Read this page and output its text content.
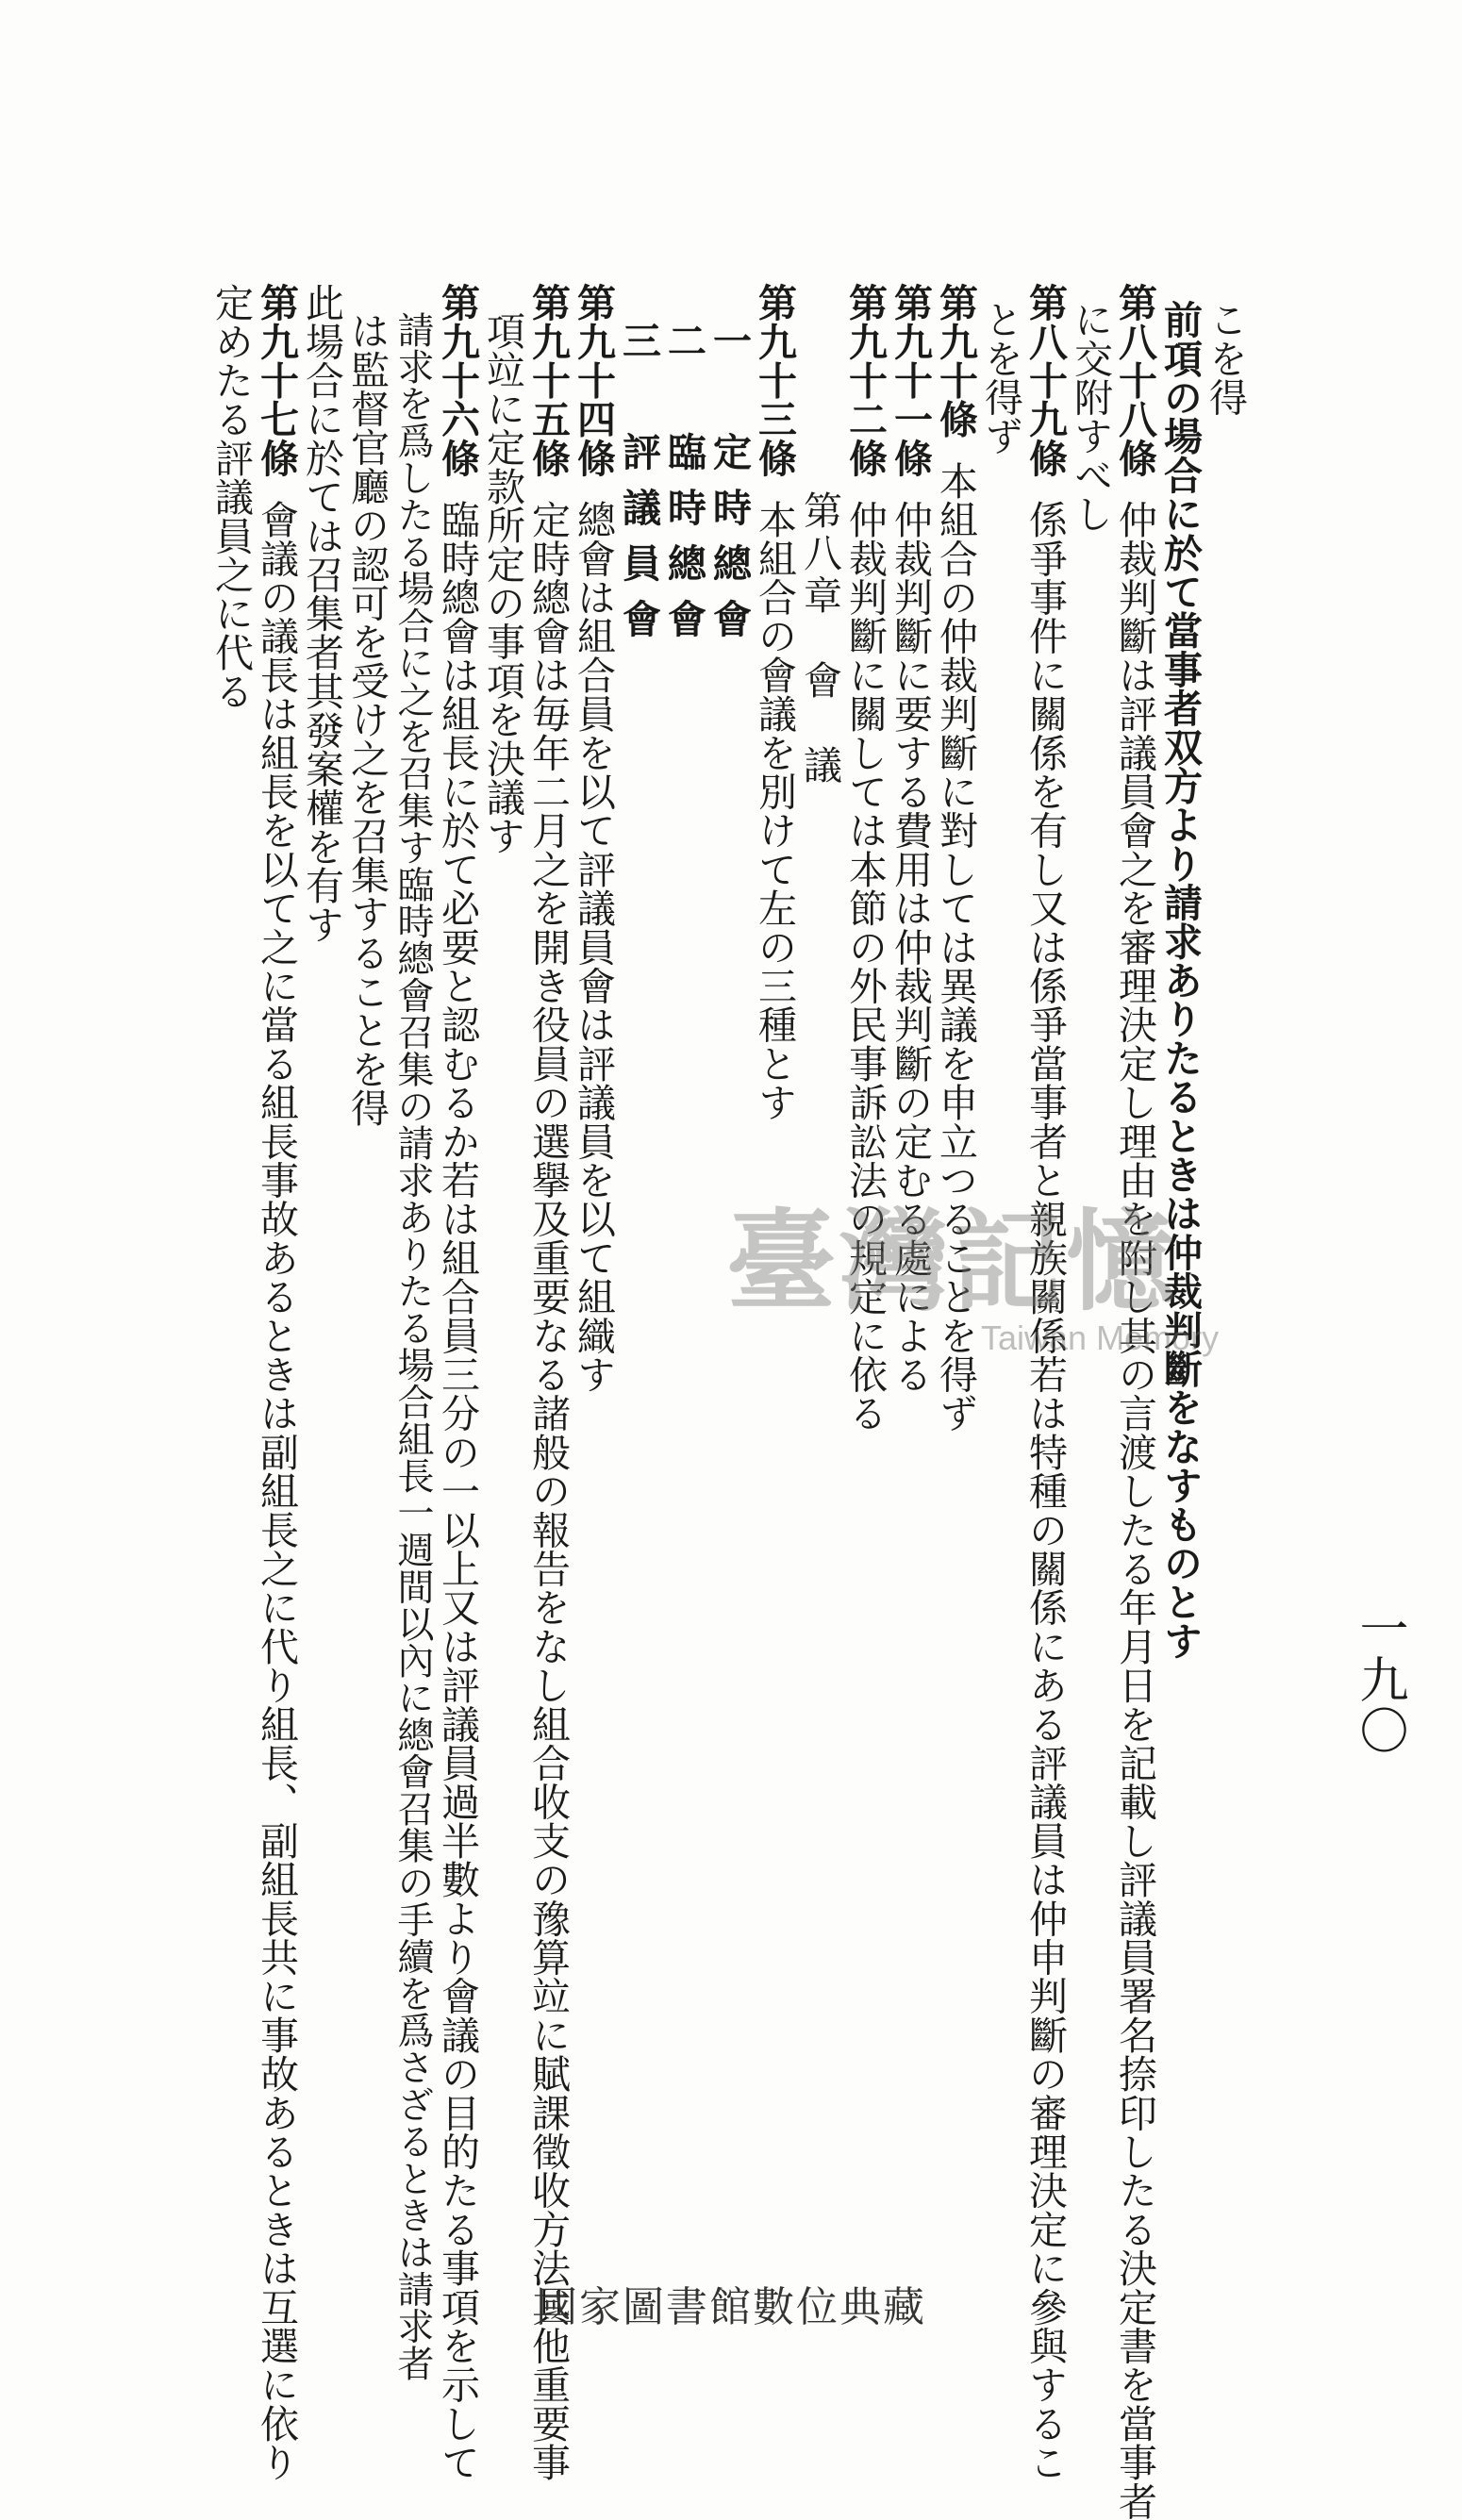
一九〇
こを得
前項の場合に於て當事者双方より請求ありたるときは仲裁判斷をなすものとす
第八十八條仲裁判斷は評議員會之を審理決定し理由を附し其の言渡したる年月日を記載し評議員署名捺印したる決定書を當事者
に交附すべし
第八十九條係爭事件に關係を有し又は係爭當事者と親族關係若は特種の關係にある評議員は仲申判斷の審理決定に參與するこ
とを得ず
第九十條本組合の仲裁判斷に對しては異議を申立つることを得ず
第九十一條仲裁判斷に要する費用は仲裁判斷の定むる處による
第九十二條仲裁判斷に關しては本節の外民事訴訟法の規定に依る
第八章　會　議
第九十三條本組合の會議を別けて左の三種とす
一　定時總會
二　臨時總會
三　評議員會
第九十四條總會は組合員を以て評議員會は評議員を以て組織す
第九十五條定時總會は毎年二月之を開き役員の選擧及重要なる諸般の報告をなし組合收支の豫算竝に賦課徵收方法其他重要事
項竝に定款所定の事項を決議す
第九十六條臨時總會は組長に於て必要と認むるか若は組合員三分の一以上又は評議員過半數より會議の目的たる事項を示して
請求を爲したる場合に之を召集す臨時總會召集の請求ありたる場合組長一週間以內に總會召集の手續を爲さざるときは請求者
は監督官廳の認可を受け之を召集することを得
此場合に於ては召集者其發案權を有す
第九十七條會議の議長は組長を以て之に當る組長事故あるときは副組長之に代り組長、副組長共に事故あるときは互選に依り
定めたる評議員之に代る
臺灣記憶
Taiwan Memory
國家圖書館數位典藏
